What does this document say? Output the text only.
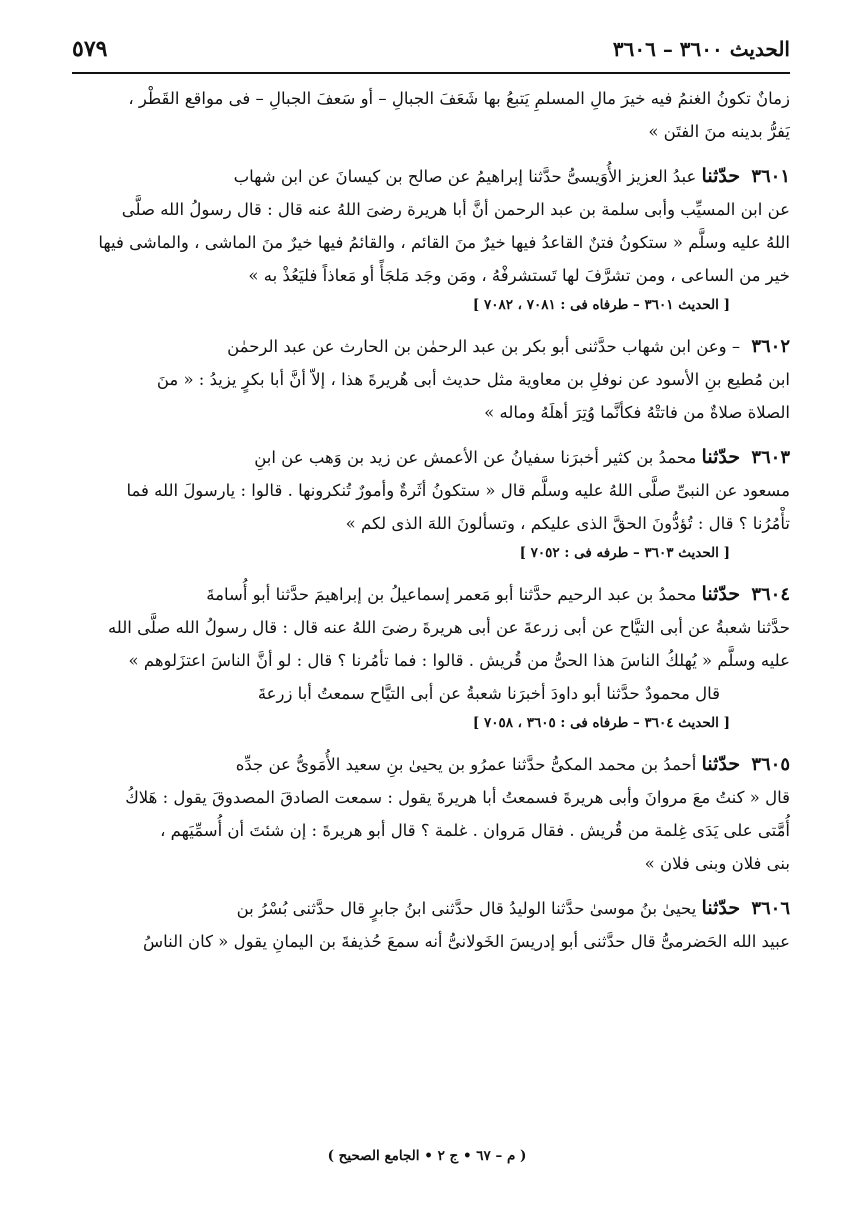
الحديث ٣٦٠٠ – ٣٦٠٦
٥٧٩

زمانٌ تكونُ الغنمُ فيه خيرَ مالِ المسلمِ يَتبعُ بها شَعَفَ الجبالِ – أو سَعفَ الجبالِ – فى مواقع القَطْر ،

يَفرُّ بدينه منَ الفتَن »

٣٦٠١ حدّثنا عبدُ العزيز الأُوَيسىُّ حدَّثنا إبراهيمُ عن صالح بن كيسانَ عن ابن شهاب

عن ابن المسيِّب وأبى سلمة بن عبد الرحمن أنَّ أبا هريرة رضىَ اللهُ عنه قال : قال رسولُ الله صلَّى

اللهُ عليه وسلَّم « ستكونُ فتنٌ القاعدُ فيها خيرٌ منَ القائم ، والقائمُ فيها خيرٌ منَ الماشى ، والماشى فيها

خير من الساعى ، ومن تشرَّفَ لها تَستشرفْهُ ، ومَن وجَد مَلجَأً أو مَعاذاً فليَعُذْ به »

[ الحديث ٣٦٠١ – طرفاه فى : ٧٠٨١ ، ٧٠٨٢ ]

٣٦٠٢ – وعن ابن شهاب حدَّثنى أبو بكر بن عبد الرحمٰن بن الحارث عن عبد الرحمٰن

ابن مُطيع بنِ الأسود عن نوفلِ بن معاوية مثل حديث أبى هُريرةَ هذا ، إلاّ أنَّ أبا بكرٍ يزيدُ : « منَ

الصلاة صلاةٌ من فاتتْهُ فكأنَّما وُتِرَ أهلَهُ وماله »

٣٦٠٣ حدّثنا محمدُ بن كثير أخبرَنا سفيانُ عن الأعمش عن زيد بن وَهب عن ابنِ

مسعود عن النبىِّ صلَّى اللهُ عليه وسلَّم قال « ستكونُ أثَرةٌ وأمورٌ تُنكرونها . قالوا : يارسولَ الله فما

تأْمُرُنا ؟ قال : تُؤدُّونَ الحقَّ الذى عليكم ، وتسألونَ اللهَ الذى لكم »

[ الحديث ٣٦٠٣ – طرفه فى : ٧٠٥٢ ]

٣٦٠٤ حدّثنا محمدُ بن عبد الرحيم حدَّثنا أبو مَعمر إسماعيلُ بن إبراهيمَ حدَّثنا أبو أُسامةَ

حدَّثنا شعبةُ عن أبى التيَّاح عن أبى زرعةَ عن أبى هريرةَ رضىَ اللهُ عنه قال : قال رسولُ الله صلَّى الله

عليه وسلَّم « يُهلكُ الناسَ هذا الحىُّ من قُريش . قالوا : فما تأمُرنا ؟ قال : لو أنَّ الناسَ اعتزَلوهم »

قال محمودٌ حدَّثنا أبو داودَ أخبرَنا شعبةُ عن أبى التيَّاح سمعتُ أبا زرعةَ

[ الحديث ٣٦٠٤ – طرفاه فى : ٣٦٠٥ ، ٧٠٥٨ ]

٣٦٠٥ حدّثنا أحمدُ بن محمد المكىُّ حدَّثنا عمرُو بن يحيىٰ بنِ سعيد الأُمَوىُّ عن جدِّه

قال « كنتُ معَ مروانَ وأبى هريرةَ فسمعتُ أبا هريرةَ يقول : سمعت الصادقَ المصدوقَ يقول : هَلاكُ

أُمَّتى على يَدَى غِلمة من قُريش . فقال مَروان . غلمة ؟ قال أبو هريرةَ : إن شئتَ أن أُسمِّيَهم ،

بنى فلان وبنى فلان »

٣٦٠٦ حدّثنا يحيىٰ بنُ موسىٰ حدَّثنا الوليدُ قال حدَّثنى ابنُ جابرٍ قال حدَّثنى بُسْرُ بن

عبيد الله الحَضرمىُّ قال حدَّثنى أبو إدريسَ الخَولانىُّ أنه سمعَ حُذيفةَ بن اليمانِ يقول « كان الناسُ

( م – ٦٧ • ج ٢ • الجامع الصحيح )
